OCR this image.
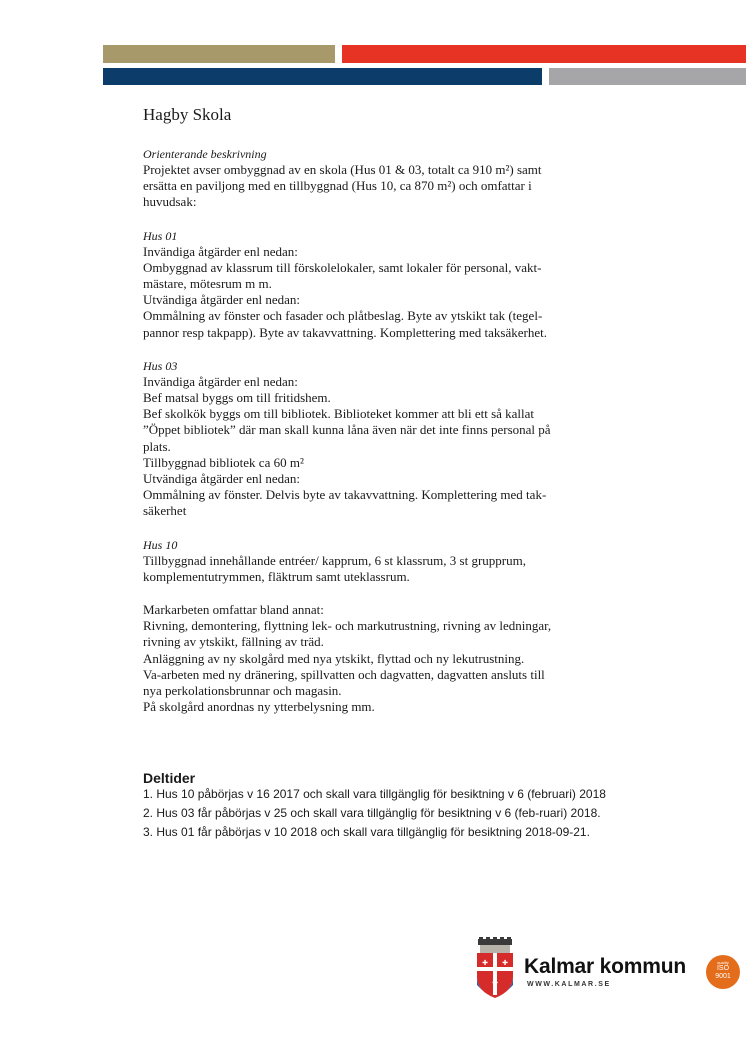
Hagby Skola
Orienterande beskrivning
Projektet avser ombyggnad av en skola (Hus 01 & 03, totalt ca 910 m²) samt
ersätta en paviljong med en tillbyggnad (Hus 10, ca 870 m²) och omfattar i
huvudsak:
Hus 01
Invändiga åtgärder enl nedan:
Ombyggnad av klassrum till förskolelokaler, samt lokaler för personal, vakt-
mästare, mötesrum m m.
Utvändiga åtgärder enl nedan:
Ommålning av fönster och fasader och plåtbeslag. Byte av ytskikt tak (tegel-
pannor resp takpapp). Byte av takavvattning. Komplettering med taksäkerhet.
Hus 03
Invändiga åtgärder enl nedan:
Bef matsal byggs om till fritidshem.
Bef skolkök byggs om till bibliotek. Biblioteket kommer att bli ett så kallat
”Öppet bibliotek” där man skall kunna låna även när det inte finns personal på
plats.
Tillbyggnad bibliotek ca 60 m²
Utvändiga åtgärder enl nedan:
Ommålning av fönster. Delvis byte av takavvattning. Komplettering med tak-
säkerhet
Hus 10
Tillbyggnad innehållande entréer/ kapprum, 6 st klassrum, 3 st grupprum,
komplementutrymmen, fläktrum samt uteklassrum.
Markarbeten omfattar bland annat:
Rivning, demontering, flyttning lek- och markutrustning, rivning av ledningar,
rivning av ytskikt, fällning av träd.
Anläggning av ny skolgård med nya ytskikt, flyttad och ny lekutrustning.
Va-arbeten med ny dränering, spillvatten och dagvatten, dagvatten ansluts till
nya perkolationsbrunnar och magasin.
På skolgård anordnas ny ytterbelysning mm.
Deltider

1. Hus 10 påbörjas v 16 2017 och skall vara tillgänglig för besiktning v 6 (februari) 2018

2. Hus 03 får påbörjas v 25 och skall vara tillgänglig för besiktning v 6 (feb-ruari) 2018.

3. Hus 01 får påbörjas v 10 2018 och skall vara tillgänglig för besiktning 2018-09-21.

✚ ✚
✚
Kalmar kommun
WWW.KALMAR.SE
quality
ISO
9001
